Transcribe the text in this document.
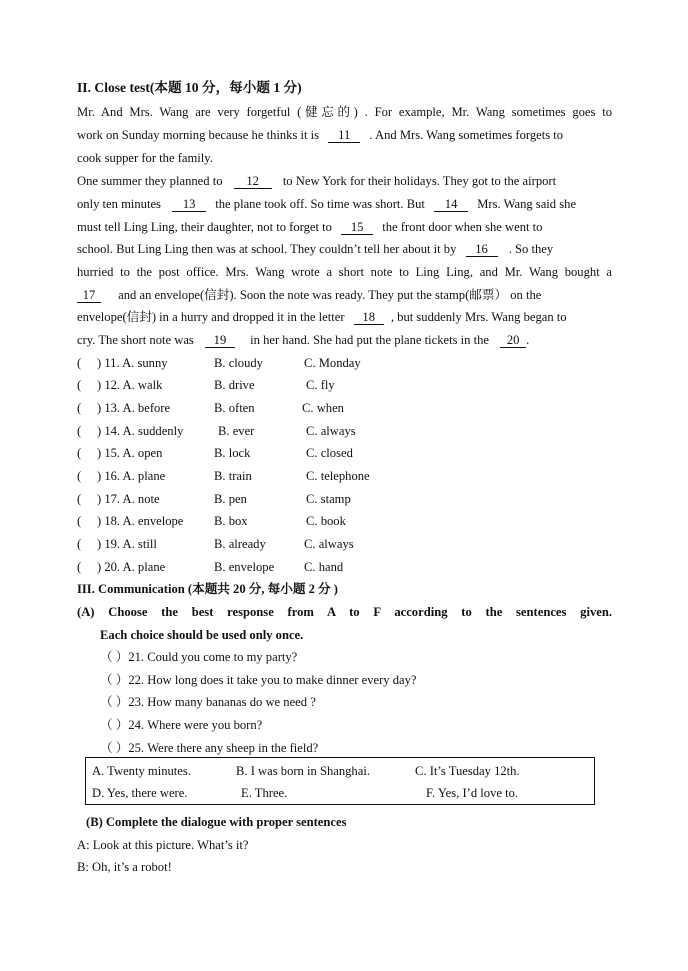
II. Close test(本题 10 分，每小题 1 分)
Mr. And Mrs. Wang are very forgetful (健忘的) . For example, Mr. Wang sometimes goes to
work on Sunday morning because he thinks it is 11 . And Mrs. Wang sometimes forgets to
cook supper for the family.
One summer they planned to 12 to New York for their holidays. They got to the airport
only ten minutes 13 the plane took off. So time was short. But 14 Mrs. Wang said she
must tell Ling Ling, their daughter, not to forget to 15 the front door when she went to
school. But Ling Ling then was at school. They couldn’t tell her about it by 16 . So they
hurried to the post office. Mrs. Wang wrote a short note to Ling Ling, and Mr. Wang bought a
17 and an envelope(信封). Soon the note was ready. They put the stamp(邮票） on the
envelope(信封) in a hurry and dropped it in the letter 18 , but suddenly Mrs. Wang began to
cry. The short note was 19 in her hand. She had put the plane tickets in the 20 .
( ) 11. A. sunny	B. cloudy	C. Monday
( ) 12. A. walk	B. drive	C. fly
( ) 13. A. before	B. often	C. when
( ) 14. A. suddenly	B. ever	C. always
( ) 15. A. open	B. lock	C. closed
( ) 16. A. plane	B. train	C. telephone
( ) 17. A. note	B. pen	C. stamp
( ) 18. A. envelope B. box	C. book
( ) 19. A. still	B. already	C. always
( ) 20. A. plane	B. envelope C. hand
III. Communication (本题共 20 分, 每小题 2 分 )
(A) Choose the best response from A to F according to the sentences given.
Each choice should be used only once.
（ ）21. Could you come to my party?
（ ）22. How long does it take you to make dinner every day?
（ ）23. How many bananas do we need ?
（ ）24. Where were you born?
（ ）25. Were there any sheep in the field?
A. Twenty minutes.	B. I was born in Shanghai.	C. It’s Tuesday 12th.
D. Yes, there were.	E. Three.	F. Yes, I’d love to.
(B) Complete the dialogue with proper sentences
A: Look at this picture. What’s it?
B: Oh, it’s a robot!
